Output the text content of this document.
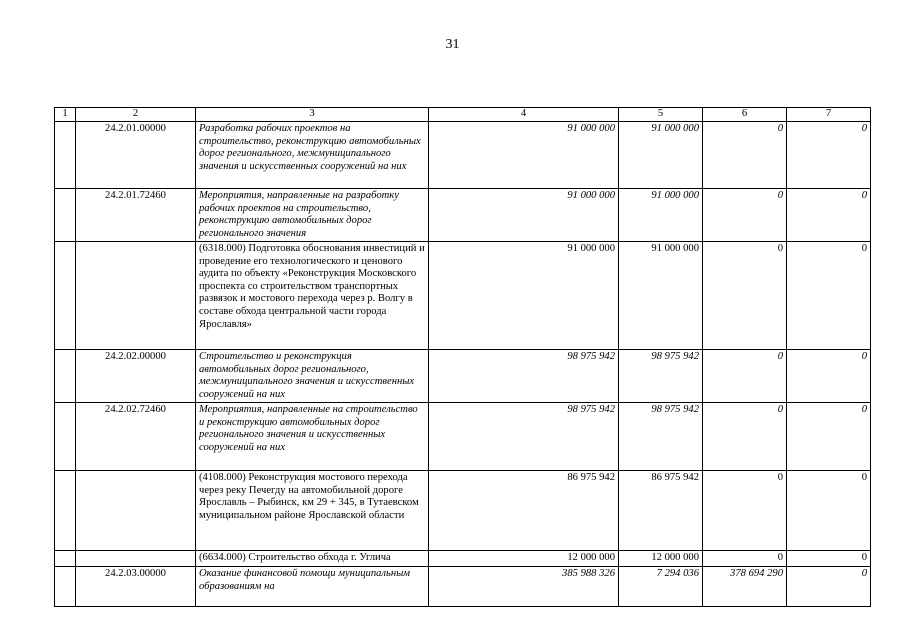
31
1	2	3	4	5	6	7
	24.2.01.00000	Разработка рабочих проектов на строительство, реконструкцию автомобильных дорог регионального, межмуниципального значения и искусственных сооружений на них	91 000 000	91 000 000	0	0
	24.2.01.72460	Мероприятия, направленные на разработку рабочих проектов на строительство, реконструкцию автомобильных дорог регионального значения	91 000 000	91 000 000	0	0
		(6318.000) Подготовка обоснования инвестиций и проведение его технологического и ценового аудита по объекту «Реконструкция Московского проспекта со строительством транспортных развязок и мостового перехода через р. Волгу в составе обхода центральной части города Ярославля»	91 000 000	91 000 000	0	0
	24.2.02.00000	Строительство и реконструкция автомобильных дорог регионального, межмуниципального значения и искусственных сооружений на них	98 975 942	98 975 942	0	0
	24.2.02.72460	Мероприятия, направленные на строительство и реконструкцию автомобильных дорог регионального значения и искусственных сооружений на них	98 975 942	98 975 942	0	0
		(4108.000) Реконструкция мостового перехода через реку Печегду на автомобильной дороге Ярославль – Рыбинск, км 29 + 345, в Тутаевском муниципальном районе Ярославской области	86 975 942	86 975 942	0	0
		(6634.000) Строительство обхода г. Углича	12 000 000	12 000 000	0	0
	24.2.03.00000	Оказание финансовой помощи муниципальным образованиям на	385 988 326	7 294 036	378 694 290	0
